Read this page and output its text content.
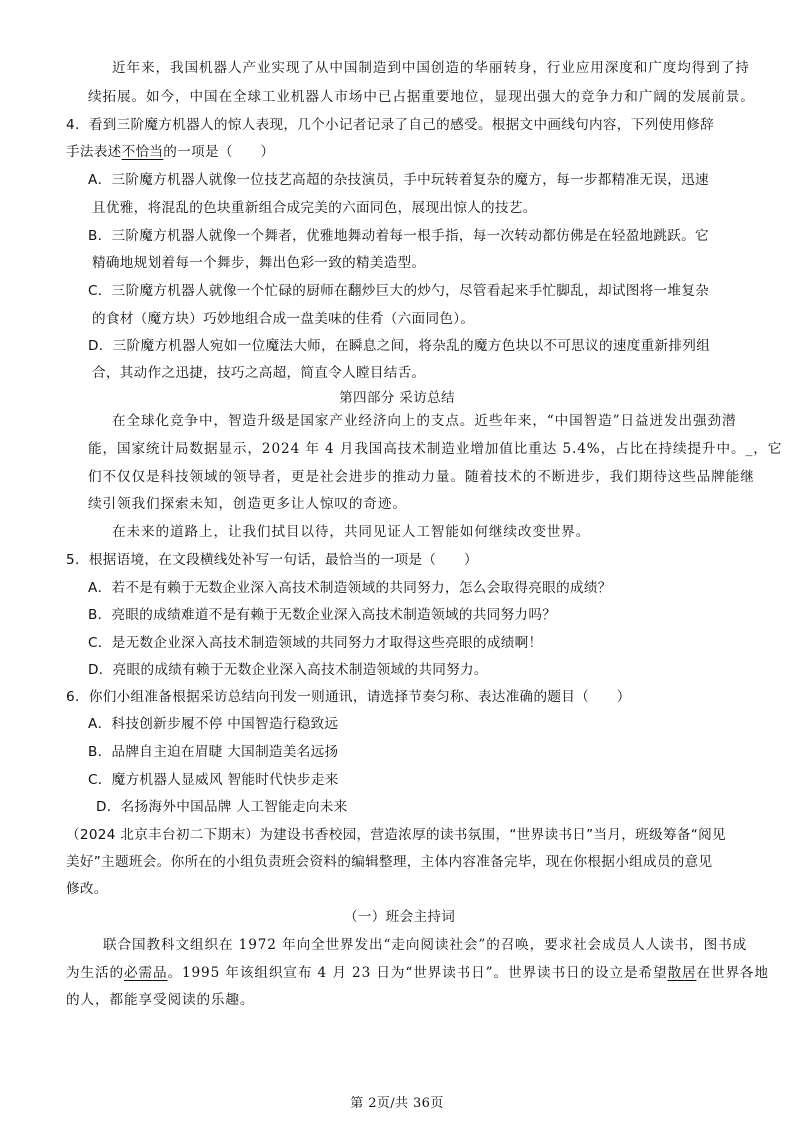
近年来，我国机器人产业实现了从中国制造到中国创造的华丽转身，行业应用深度和广度均得到了持
续拓展。如今，中国在全球工业机器人市场中已占据重要地位，显现出强大的竞争力和广阔的发展前景。
4．看到三阶魔方机器人的惊人表现，几个小记者记录了自己的感受。根据文中画线句内容，下列使用修辞
手法表述不恰当的一项是（　　）
A．三阶魔方机器人就像一位技艺高超的杂技演员，手中玩转着复杂的魔方，每一步都精准无误，迅速
且优雅，将混乱的色块重新组合成完美的六面同色，展现出惊人的技艺。
B．三阶魔方机器人就像一个舞者，优雅地舞动着每一根手指，每一次转动都仿佛是在轻盈地跳跃。它
精确地规划着每一个舞步，舞出色彩一致的精美造型。
C．三阶魔方机器人就像一个忙碌的厨师在翻炒巨大的炒勺，尽管看起来手忙脚乱，却试图将一堆复杂
的食材（魔方块）巧妙地组合成一盘美味的佳肴（六面同色）。
D．三阶魔方机器人宛如一位魔法大师，在瞬息之间，将杂乱的魔方色块以不可思议的速度重新排列组
合，其动作之迅捷，技巧之高超，简直令人瞠目结舌。
第四部分 采访总结
在全球化竞争中，智造升级是国家产业经济向上的支点。近些年来，“中国智造”日益迸发出强劲潜
能，国家统计局数据显示，2024 年 4 月我国高技术制造业增加值比重达 5.4%，占比在持续提升中。_，它
们不仅仅是科技领域的领导者，更是社会进步的推动力量。随着技术的不断进步，我们期待这些品牌能继
续引领我们探索未知，创造更多让人惊叹的奇迹。
在未来的道路上，让我们拭目以待，共同见证人工智能如何继续改变世界。
5．根据语境，在文段横线处补写一句话，最恰当的一项是（　　）
A．若不是有赖于无数企业深入高技术制造领域的共同努力，怎么会取得亮眼的成绩？
B．亮眼的成绩难道不是有赖于无数企业深入高技术制造领域的共同努力吗？
C．是无数企业深入高技术制造领域的共同努力才取得这些亮眼的成绩啊！
D．亮眼的成绩有赖于无数企业深入高技术制造领域的共同努力。
6．你们小组准备根据采访总结向刊发一则通讯，请选择节奏匀称、表达准确的题目（　　）
A．科技创新步履不停 中国智造行稳致远
B．品牌自主迫在眉睫 大国制造美名远扬
C．魔方机器人显威风 智能时代快步走来
D．名扬海外中国品牌 人工智能走向未来
（2024 北京丰台初二下期末）为建设书香校园，营造浓厚的读书氛围，“世界读书日”当月，班级筹备“阅见
美好”主题班会。你所在的小组负责班会资料的编辑整理，主体内容准备完毕，现在你根据小组成员的意见
修改。
（一）班会主持词
联合国教科文组织在 1972 年向全世界发出“走向阅读社会”的召唤，要求社会成员人人读书，图书成
为生活的必需品。1995 年该组织宣布 4 月 23 日为“世界读书日”。世界读书日的设立是希望散居在世界各地
的人，都能享受阅读的乐趣。
第 2页/共 36页
